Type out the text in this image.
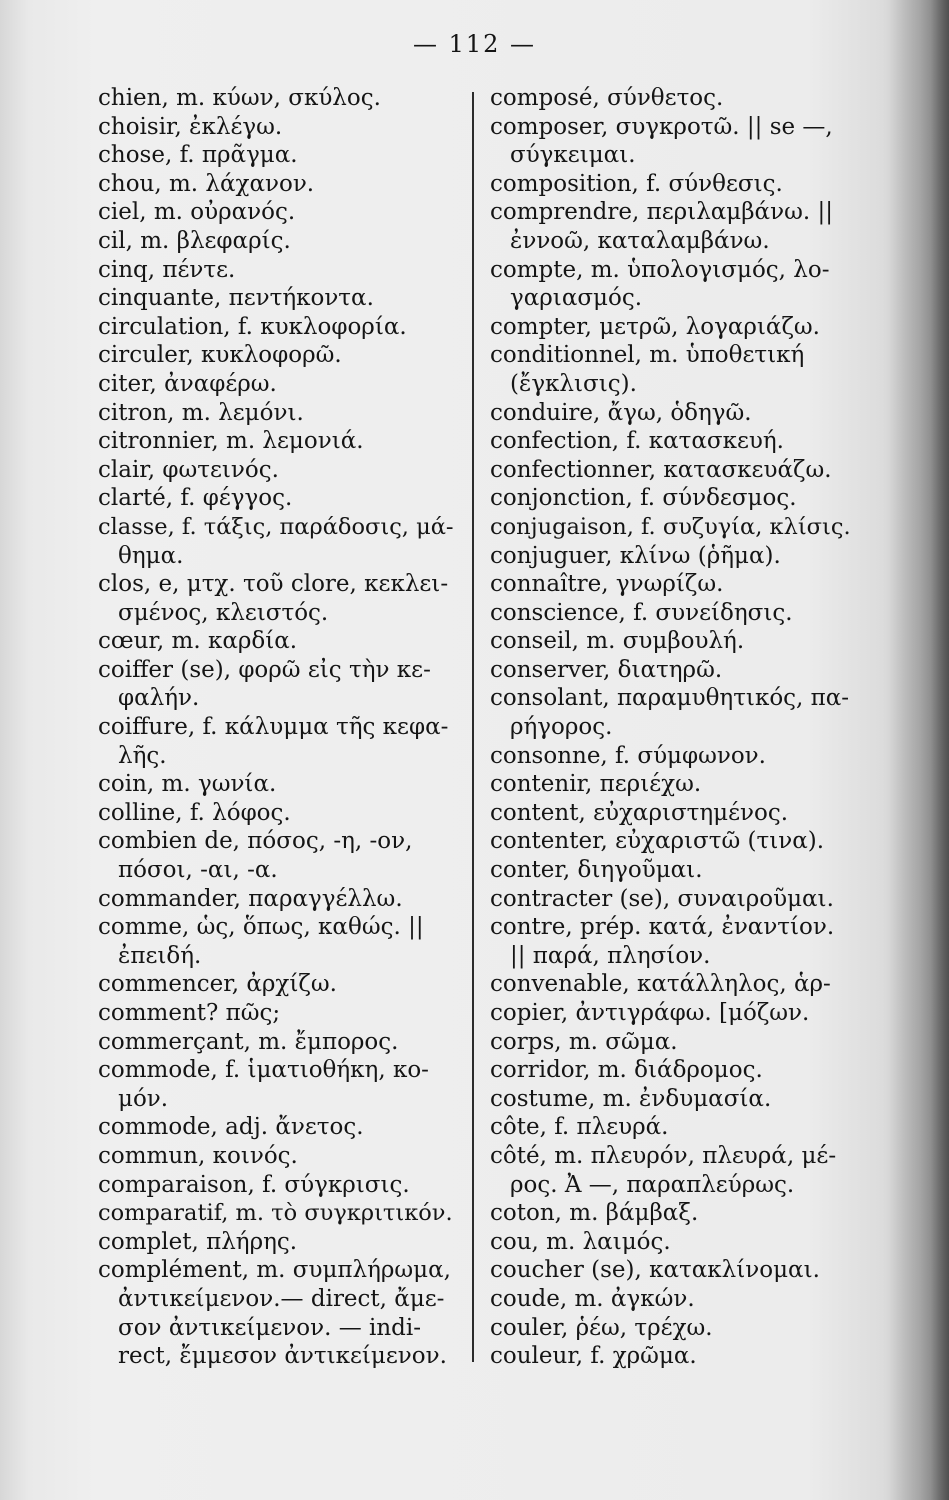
— 112 —
chien, m. κύων, σκύλος.
choisir, ἐκλέγω.
chose, f. πρᾶγμα.
chou, m. λάχανον.
ciel, m. οὐρανός.
cil, m. βλεφαρίς.
cinq, πέντε.
cinquante, πεντήκοντα.
circulation, f. κυκλοφορία.
circuler, κυκλοφορῶ.
citer, ἀναφέρω.
citron, m. λεμόνι.
citronnier, m. λεμονιά.
clair, φωτεινός.
clarté, f. φέγγος.
classe, f. τάξις, παράδοσις, μά-
θημα.
clos, e, μτχ. τοῦ clore, κεκλει-
σμένος, κλειστός.
cœur, m. καρδία.
coiffer (se), φορῶ εἰς τὴν κε-
φαλήν.
coiffure, f. κάλυμμα τῆς κεφα-
λῆς.
coin, m. γωνία.
colline, f. λόφος.
combien de, πόσος, -η, -ον,
πόσοι, -αι, -α.
commander, παραγγέλλω.
comme, ὡς, ὅπως, καθώς. ||
ἐπειδή.
commencer, ἀρχίζω.
comment? πῶς;
commerçant, m. ἔμπορος.
commode, f. ἱματιοθήκη, κο-
μόν.
commode, adj. ἄνετος.
commun, κοινός.
comparaison, f. σύγκρισις.
comparatif, m. τὸ συγκριτικόν.
complet, πλήρης.
complément, m. συμπλήρωμα,
ἀντικείμενον.— direct, ἄμε-
σον ἀντικείμενον. — indi-
rect, ἔμμεσον ἀντικείμενον.
composé, σύνθετος.
composer, συγκροτῶ. || se —,
σύγκειμαι.
composition, f. σύνθεσις.
comprendre, περιλαμβάνω. ||
ἐννοῶ, καταλαμβάνω.
compte, m. ὑπολογισμός, λο-
γαριασμός.
compter, μετρῶ, λογαριάζω.
conditionnel, m. ὑποθετική
(ἔγκλισις).
conduire, ἄγω, ὁδηγῶ.
confection, f. κατασκευή.
confectionner, κατασκευάζω.
conjonction, f. σύνδεσμος.
conjugaison, f. συζυγία, κλίσις.
conjuguer, κλίνω (ῥῆμα).
connaître, γνωρίζω.
conscience, f. συνείδησις.
conseil, m. συμβουλή.
conserver, διατηρῶ.
consolant, παραμυθητικός, πα-
ρήγορος.
consonne, f. σύμφωνον.
contenir, περιέχω.
content, εὐχαριστημένος.
contenter, εὐχαριστῶ (τινα).
conter, διηγοῦμαι.
contracter (se), συναιροῦμαι.
contre, prép. κατά, ἐναντίον.
|| παρά, πλησίον.
convenable, κατάλληλος, ἁρ-
copier, ἀντιγράφω. [μόζων.
corps, m. σῶμα.
corridor, m. διάδρομος.
costume, m. ἐνδυμασία.
côte, f. πλευρά.
côté, m. πλευρόν, πλευρά, μέ-
ρος. Ἀ —, παραπλεύρως.
coton, m. βάμβαξ.
cou, m. λαιμός.
coucher (se), κατακλίνομαι.
coude, m. ἀγκών.
couler, ῥέω, τρέχω.
couleur, f. χρῶμα.
